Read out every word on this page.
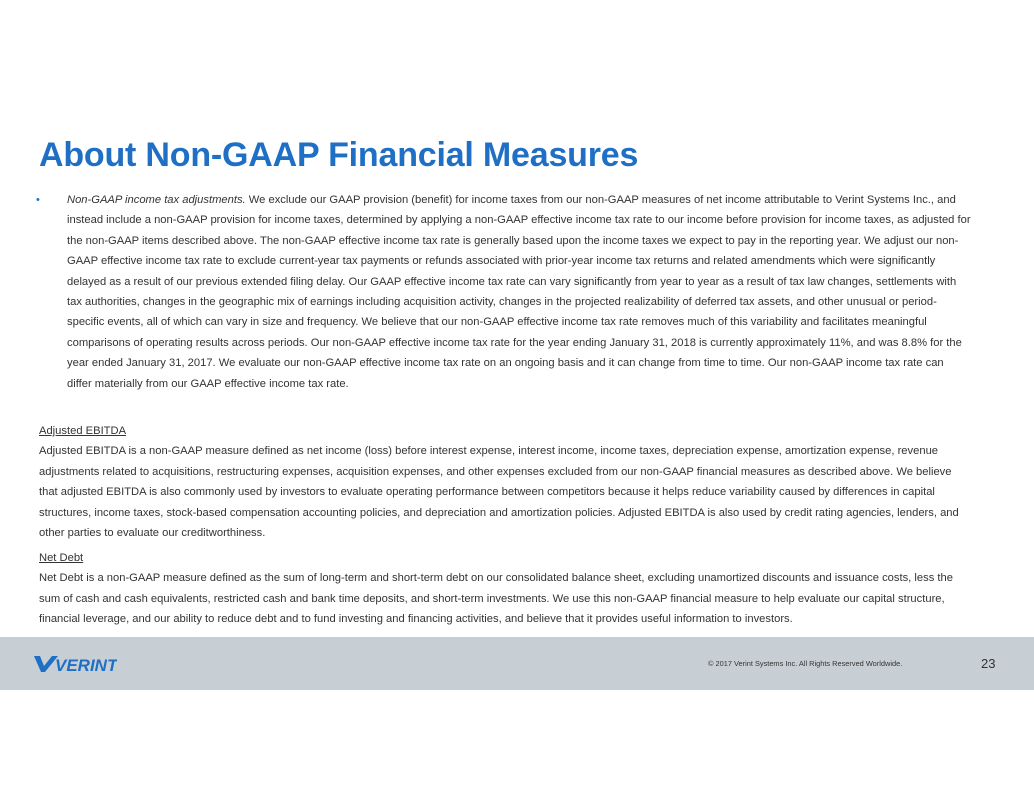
About Non-GAAP Financial Measures
• Non-GAAP income tax adjustments. We exclude our GAAP provision (benefit) for income taxes from our non-GAAP measures of net income attributable to Verint Systems Inc., and instead include a non-GAAP provision for income taxes, determined by applying a non-GAAP effective income tax rate to our income before provision for income taxes, as adjusted for the non-GAAP items described above. The non-GAAP effective income tax rate is generally based upon the income taxes we expect to pay in the reporting year. We adjust our non-GAAP effective income tax rate to exclude current-year tax payments or refunds associated with prior-year income tax returns and related amendments which were significantly delayed as a result of our previous extended filing delay. Our GAAP effective income tax rate can vary significantly from year to year as a result of tax law changes, settlements with tax authorities, changes in the geographic mix of earnings including acquisition activity, changes in the projected realizability of deferred tax assets, and other unusual or period-specific events, all of which can vary in size and frequency. We believe that our non-GAAP effective income tax rate removes much of this variability and facilitates meaningful comparisons of operating results across periods. Our non-GAAP effective income tax rate for the year ending January 31, 2018 is currently approximately 11%, and was 8.8% for the year ended January 31, 2017. We evaluate our non-GAAP effective income tax rate on an ongoing basis and it can change from time to time. Our non-GAAP income tax rate can differ materially from our GAAP effective income tax rate.
Adjusted EBITDA
Adjusted EBITDA is a non-GAAP measure defined as net income (loss) before interest expense, interest income, income taxes, depreciation expense, amortization expense, revenue adjustments related to acquisitions, restructuring expenses, acquisition expenses, and other expenses excluded from our non-GAAP financial measures as described above. We believe that adjusted EBITDA is also commonly used by investors to evaluate operating performance between competitors because it helps reduce variability caused by differences in capital structures, income taxes, stock-based compensation accounting policies, and depreciation and amortization policies. Adjusted EBITDA is also used by credit rating agencies, lenders, and other parties to evaluate our creditworthiness.
Net Debt
Net Debt is a non-GAAP measure defined as the sum of long-term and short-term debt on our consolidated balance sheet, excluding unamortized discounts and issuance costs, less the sum of cash and cash equivalents, restricted cash and bank time deposits, and short-term investments. We use this non-GAAP financial measure to help evaluate our capital structure, financial leverage, and our ability to reduce debt and to fund investing and financing activities, and believe that it provides useful information to investors.
VERINT	© 2017 Verint Systems Inc. All Rights Reserved Worldwide.	23
